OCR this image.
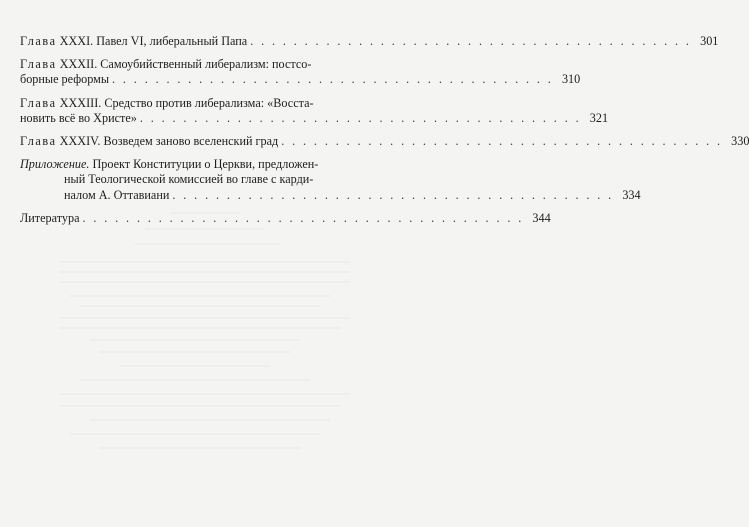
Глава XXXI. Павел VI, либеральный Папа . . . . . . . . . . . . . . . . . . . . . . . . . . . . . . . . . . . . . . . . . 301
Глава XXXII. Самоубийственный либерализм: постсо-
борные реформы . . . . . . . . . . . . . . . . . . . . . . . . . . . . . . . . . . . . . . . . . 310
Глава XXXIII. Средство против либерализма: «Восста-
новить всё во Христе» . . . . . . . . . . . . . . . . . . . . . . . . . . . . . . . . . . . . . . . . . 321
Глава XXXIV. Возведем заново вселенский град . . . . . . . . . . . . . . . . . . . . . . . . . . . . . . . . . . . . . . . . . 330
Приложение. Проект Конституции о Церкви, предложен-
ный Теологической комиссией во главе с карди-
налом А. Оттавиани . . . . . . . . . . . . . . . . . . . . . . . . . . . . . . . . . . . . . . . . . 334
Литература . . . . . . . . . . . . . . . . . . . . . . . . . . . . . . . . . . . . . . . . . 344
